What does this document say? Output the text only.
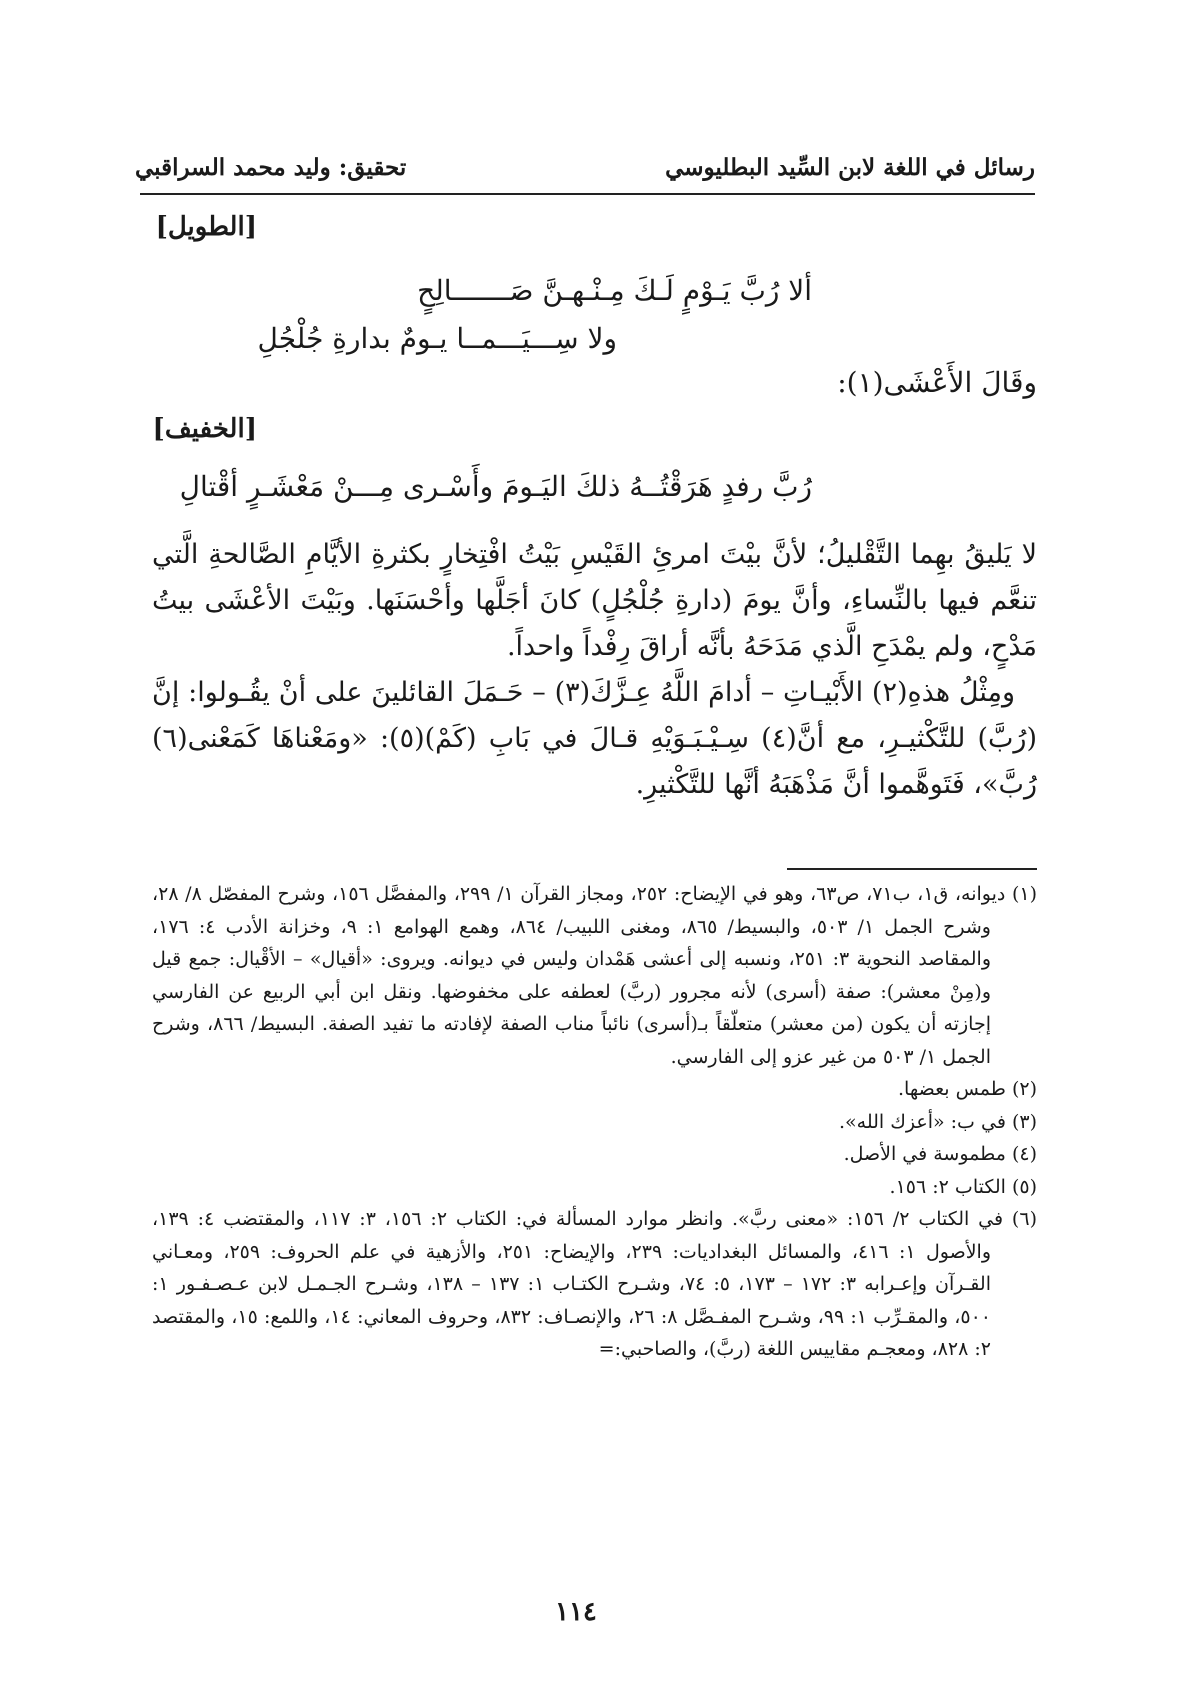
رسائل في اللغة لابن السِّيد البطليوسي
تحقيق: وليد محمد السراقبي
[الطويل]
ألا رُبَّ يَـوْمٍ لَـكَ مِـنْـهـنَّ صَـــــــالِحٍ
ولا سِـــيَـــمــا يـومٌ بدارةِ جُلْجُلِ
وقَالَ الأَعْشَى(١):
[الخفيف]
رُبَّ رفدٍ هَرَقْتُــهُ ذلكَ اليَـومَ وأَسْـرى مِـــنْ مَعْشَـرٍ أقْتالِ

لا يَليقُ بهِما التَّقْليلُ؛ لأنَّ بيْتَ امرئِ القَيْسِ بَيْتُ افْتِخارٍ بكثرةِ الأيَّامِ الصَّالحةِ الَّتي تنعَّم فيها بالنِّساءِ، وأنَّ يومَ (دارةِ جُلْجُلٍ) كانَ أجَلَّها وأحْسَنَها. وبَيْتَ الأعْشَى بيتُ مَدْحٍ، ولم يمْدَحِ الَّذي مَدَحَهُ بأنَّه أراقَ رِفْداً واحداً.

ومِثْلُ هذهِ(٢) الأَبْيـاتِ – أدامَ اللَّهُ عِـزَّكَ(٣) – حَـمَلَ القائلينَ على أنْ يقُـولوا: إنَّ (رُبَّ) للتَّكْثيـرِ، مع أنَّ(٤) سِـيْـبَـوَيْهِ قـالَ في بَابِ (كَمْ)(٥): «ومَعْناهَا كَمَعْنى(٦) رُبَّ»، فَتَوهَّموا أنَّ مَذْهَبَهُ أنَّها للتَّكْثيرِ.

(١) ديوانه، ق١، ب٧١، ص٦٣، وهو في الإيضاح: ٢٥٢، ومجاز القرآن ١/ ٢٩٩، والمفصَّل ١٥٦، وشرح المفصّل ٨/ ٢٨، وشرح الجمل ١/ ٥٠٣، والبسيط/ ٨٦٥، ومغنى اللبيب/ ٨٦٤، وهمع الهوامع ١: ٩، وخزانة الأدب ٤: ١٧٦، والمقاصد النحوية ٣: ٢٥١، ونسبه إلى أعشى هَمْدان وليس في ديوانه. ويروى: «أقيال» – الأقْيال: جمع قيل و(مِنْ معشر): صفة (أسرى) لأنه مجرور (ربَّ) لعطفه على مخفوضها. ونقل ابن أبي الربيع عن الفارسي إجازته أن يكون (من معشر) متعلّقاً بـ(أسرى) نائباً مناب الصفة لإفادته ما تفيد الصفة. البسيط/ ٨٦٦، وشرح الجمل ١/ ٥٠٣ من غير عزو إلى الفارسي.

(٢) طمس بعضها.

(٣) في ب: «أعزك الله».

(٤) مطموسة في الأصل.

(٥) الكتاب ٢: ١٥٦.

(٦) في الكتاب ٢/ ١٥٦: «معنى ربَّ». وانظر موارد المسألة في: الكتاب ٢: ١٥٦، ٣: ١١٧، والمقتضب ٤: ١٣٩، والأصول ١: ٤١٦، والمسائل البغداديات: ٢٣٩، والإيضاح: ٢٥١، والأزهية في علم الحروف: ٢٥٩، ومعـاني القـرآن وإعـرابه ٣: ١٧٢ – ١٧٣، ٥: ٧٤، وشـرح الكتـاب ١: ١٣٧ – ١٣٨، وشـرح الجـمـل لابن عـصـفـور ١: ٥٠٠، والمقـرِّب ١: ٩٩، وشـرح المفـصَّل ٨: ٢٦، والإنصـاف: ٨٣٢، وحروف المعاني: ١٤، واللمع: ١٥، والمقتصد ٢: ٨٢٨، ومعجـم مقاييس اللغة (ربَّ)، والصاحبي:=

١١٤
